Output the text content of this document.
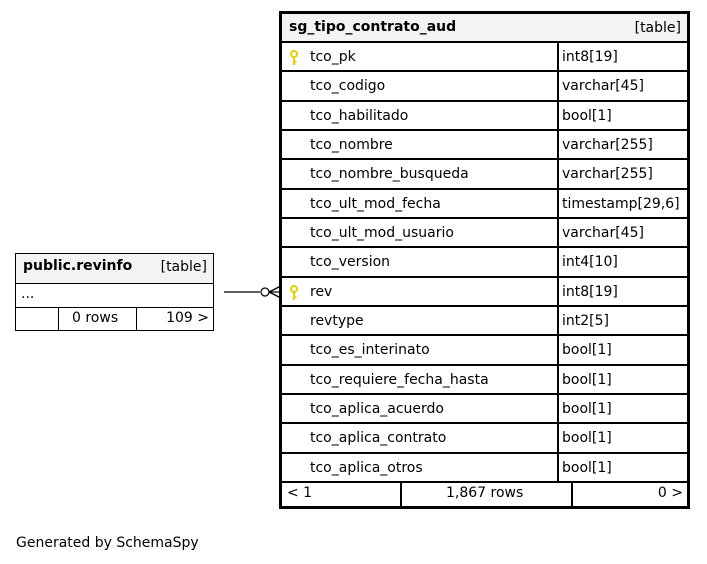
sg_tipo_contrato_aud	[table]
tco_pk	int8[19]
tco_codigo	varchar[45]
tco_habilitado	bool[1]
tco_nombre	varchar[255]
tco_nombre_busqueda	varchar[255]
tco_ult_mod_fecha	timestamp[29,6]
tco_ult_mod_usuario	varchar[45]
tco_version	int4[10]
rev	int8[19]
revtype	int2[5]
tco_es_interinato	bool[1]
tco_requiere_fecha_hasta	bool[1]
tco_aplica_acuerdo	bool[1]
tco_aplica_contrato	bool[1]
tco_aplica_otros	bool[1]
< 1	1,867 rows	0 >
public.revinfo [table]
...
0 rows	109 >
Generated by SchemaSpy
